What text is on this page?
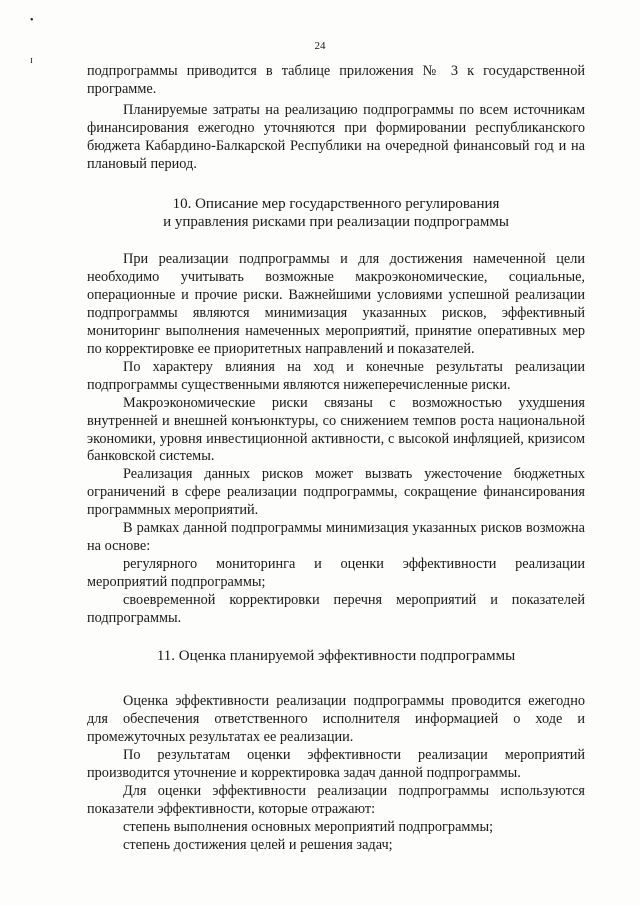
•
ɪ
24

подпрограммы приводится в таблице приложения № 3 к государственной программе.

Планируемые затраты на реализацию подпрограммы по всем источникам финансирования ежегодно уточняются при формировании республиканского бюджета Кабардино-Балкарской Республики на очередной финансовый год и на плановый период.

10. Описание мер государственного регулирования
и управления рисками при реализации подпрограммы

При реализации подпрограммы и для достижения намеченной цели необходимо учитывать возможные макроэкономические, социальные, операционные и прочие риски. Важнейшими условиями успешной реализации подпрограммы являются минимизация указанных рисков, эффективный мониторинг выполнения намеченных мероприятий, принятие оперативных мер по корректировке ее приоритетных направлений и показателей.

По характеру влияния на ход и конечные результаты реализации подпрограммы существенными являются нижеперечисленные риски.

Макроэкономические риски связаны с возможностью ухудшения внутренней и внешней конъюнктуры, со снижением темпов роста национальной экономики, уровня инвестиционной активности, с высокой инфляцией, кризисом банковской системы.

Реализация данных рисков может вызвать ужесточение бюджетных ограничений в сфере реализации подпрограммы, сокращение финансирования программных мероприятий.

В рамках данной подпрограммы минимизация указанных рисков возможна на основе:

регулярного мониторинга и оценки эффективности реализации мероприятий подпрограммы;

своевременной корректировки перечня мероприятий и показателей подпрограммы.

11. Оценка планируемой эффективности подпрограммы

Оценка эффективности реализации подпрограммы проводится ежегодно для обеспечения ответственного исполнителя информацией о ходе и промежуточных результатах ее реализации.

По результатам оценки эффективности реализации мероприятий производится уточнение и корректировка задач данной подпрограммы.

Для оценки эффективности реализации подпрограммы используются показатели эффективности, которые отражают:

степень выполнения основных мероприятий подпрограммы;

степень достижения целей и решения задач;
